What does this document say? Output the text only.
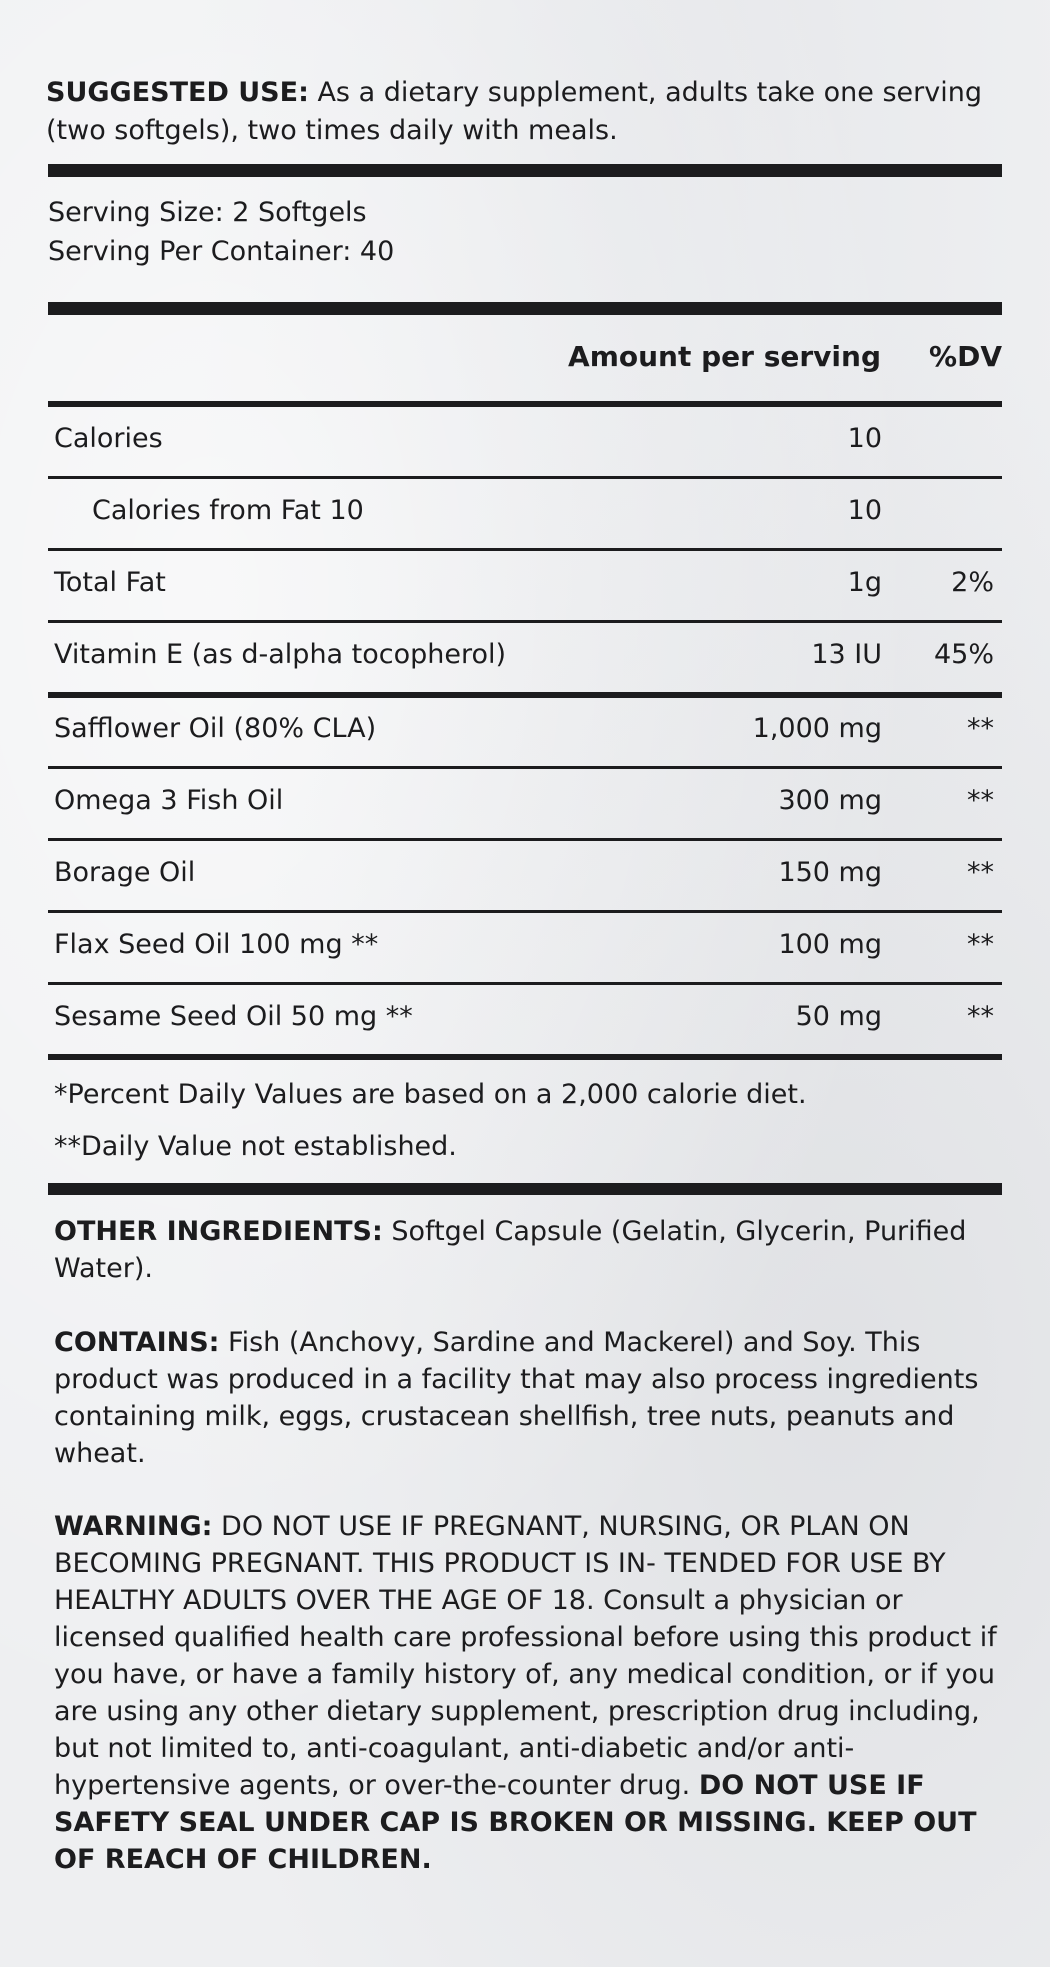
SUGGESTED USE: As a dietary supplement, adults take one serving (two softgels), two times daily with meals.
Serving Size: 2 Softgels
Serving Per Container: 40
Amount per serving %DV
Calories	10
Calories from Fat 10	10
Total Fat	1g	2%
Vitamin E (as d-alpha tocopherol)	13 IU 45%
Safflower Oil (80% CLA)	1,000 mg	**
Omega 3 Fish Oil	300 mg	**
Borage Oil	150 mg	**
Flax Seed Oil 100 mg **	100 mg	**
Sesame Seed Oil 50 mg **	50 mg	**
*Percent Daily Values are based on a 2,000 calorie diet.
**Daily Value not established.
OTHER INGREDIENTS: Softgel Capsule (Gelatin, Glycerin, Purified Water).
CONTAINS: Fish (Anchovy, Sardine and Mackerel) and Soy. This product was produced in a facility that may also process ingredients containing milk, eggs, crustacean shellfish, tree nuts, peanuts and wheat.
WARNING: DO NOT USE IF PREGNANT, NURSING, OR PLAN ON BECOMING PREGNANT. THIS PRODUCT IS IN- TENDED FOR USE BY HEALTHY ADULTS OVER THE AGE OF 18. Consult a physician or licensed qualified health care professional before using this product if you have, or have a family history of, any medical condition, or if you are using any other dietary supplement, prescription drug including, but not limited to, anti-coagulant, anti-diabetic and/or anti-hypertensive agents, or over-the-counter drug. DO NOT USE IF SAFETY SEAL UNDER CAP IS BROKEN OR MISSING. KEEP OUT OF REACH OF CHILDREN.
